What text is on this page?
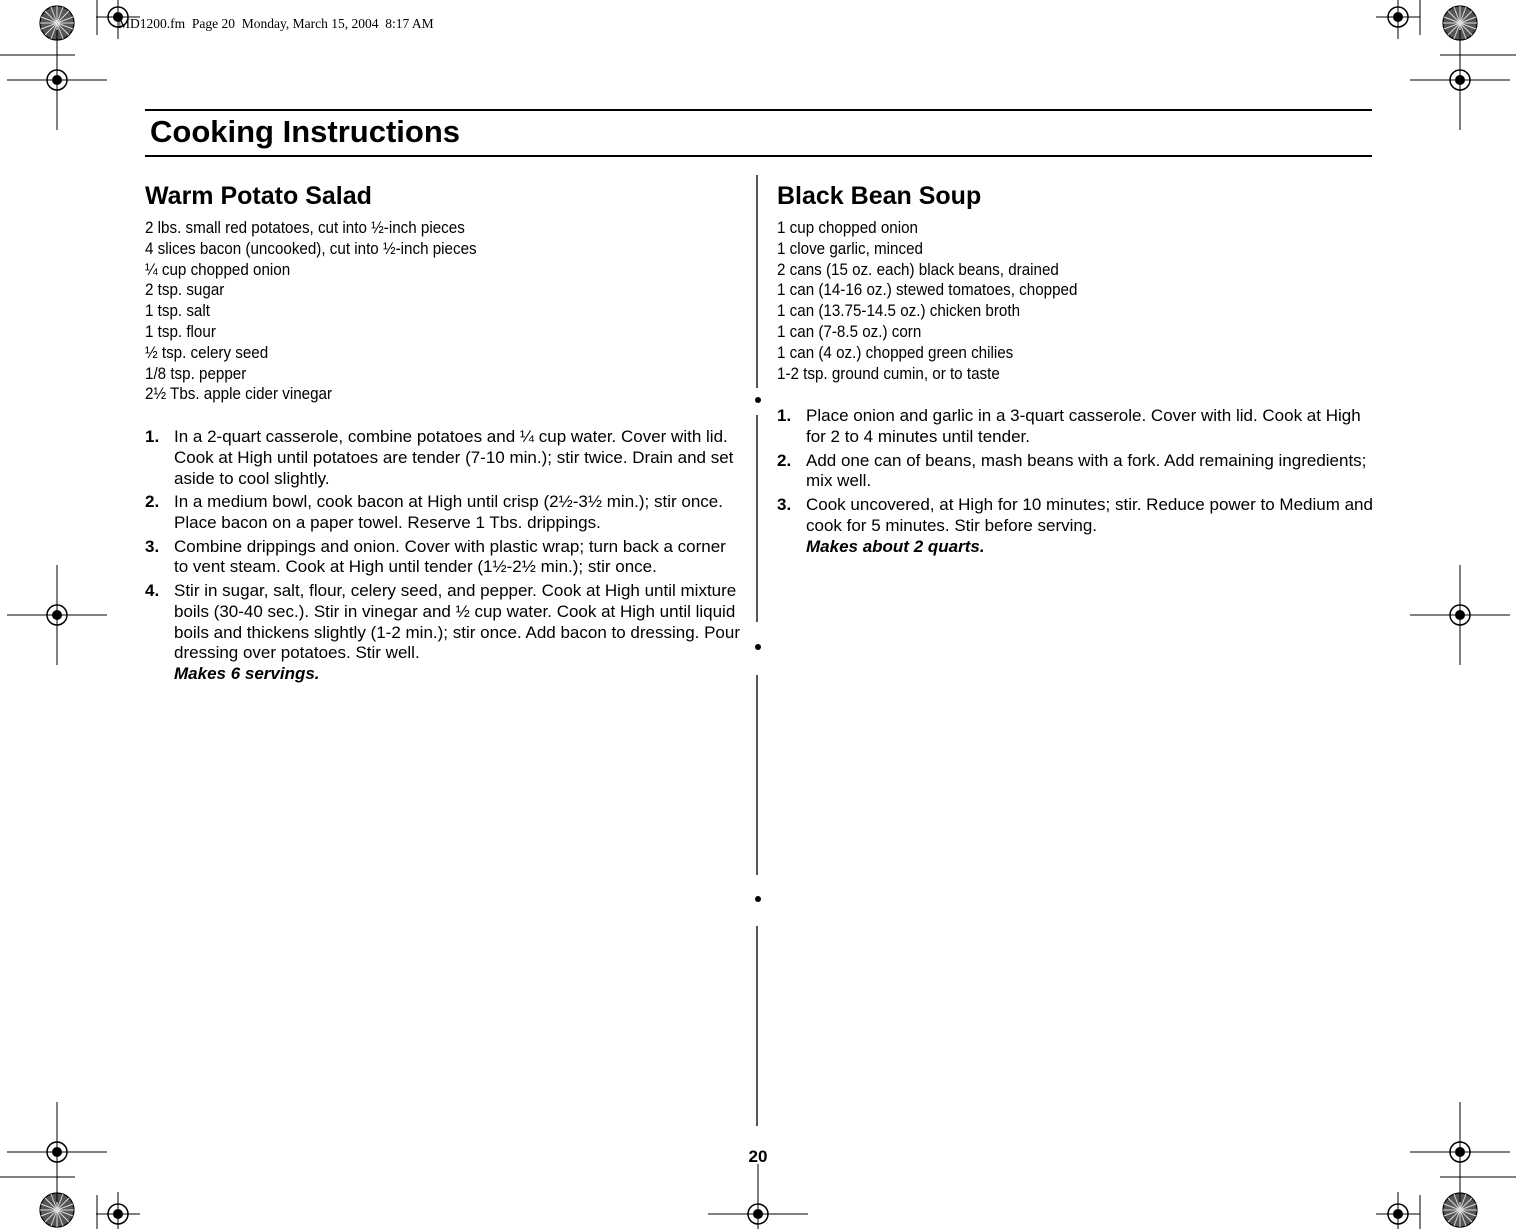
MD1200.fm  Page 20  Monday, March 15, 2004  8:17 AM
Cooking Instructions
Warm Potato Salad
2 lbs. small red potatoes, cut into ½-inch pieces
4 slices bacon (uncooked), cut into ½-inch pieces
¼ cup chopped onion
2 tsp. sugar
1 tsp. salt
1 tsp. flour
½ tsp. celery seed
1/8 tsp. pepper
2½ Tbs. apple cider vinegar
1. In a 2-quart casserole, combine potatoes and ¼ cup water. Cover with lid. Cook at High until potatoes are tender (7-10 min.); stir twice. Drain and set aside to cool slightly.
2. In a medium bowl, cook bacon at High until crisp (2½-3½ min.); stir once. Place bacon on a paper towel. Reserve 1 Tbs. drippings.
3. Combine drippings and onion. Cover with plastic wrap; turn back a corner to vent steam. Cook at High until tender (1½-2½ min.); stir once.
4. Stir in sugar, salt, flour, celery seed, and pepper. Cook at High until mixture boils (30-40 sec.). Stir in vinegar and ½ cup water. Cook at High until liquid boils and thickens slightly (1-2 min.); stir once. Add bacon to dressing. Pour dressing over potatoes. Stir well.
Makes 6 servings.
Black Bean Soup
1 cup chopped onion
1 clove garlic, minced
2 cans (15 oz. each) black beans, drained
1 can (14-16 oz.) stewed tomatoes, chopped
1 can (13.75-14.5 oz.) chicken broth
1 can (7-8.5 oz.) corn
1 can (4 oz.) chopped green chilies
1-2 tsp. ground cumin, or to taste
1. Place onion and garlic in a 3-quart casserole. Cover with lid. Cook at High for 2 to 4 minutes until tender.
2. Add one can of beans, mash beans with a fork. Add remaining ingredients; mix well.
3. Cook uncovered, at High for 10 minutes; stir. Reduce power to Medium and cook for 5 minutes. Stir before serving.
Makes about 2 quarts.
20
